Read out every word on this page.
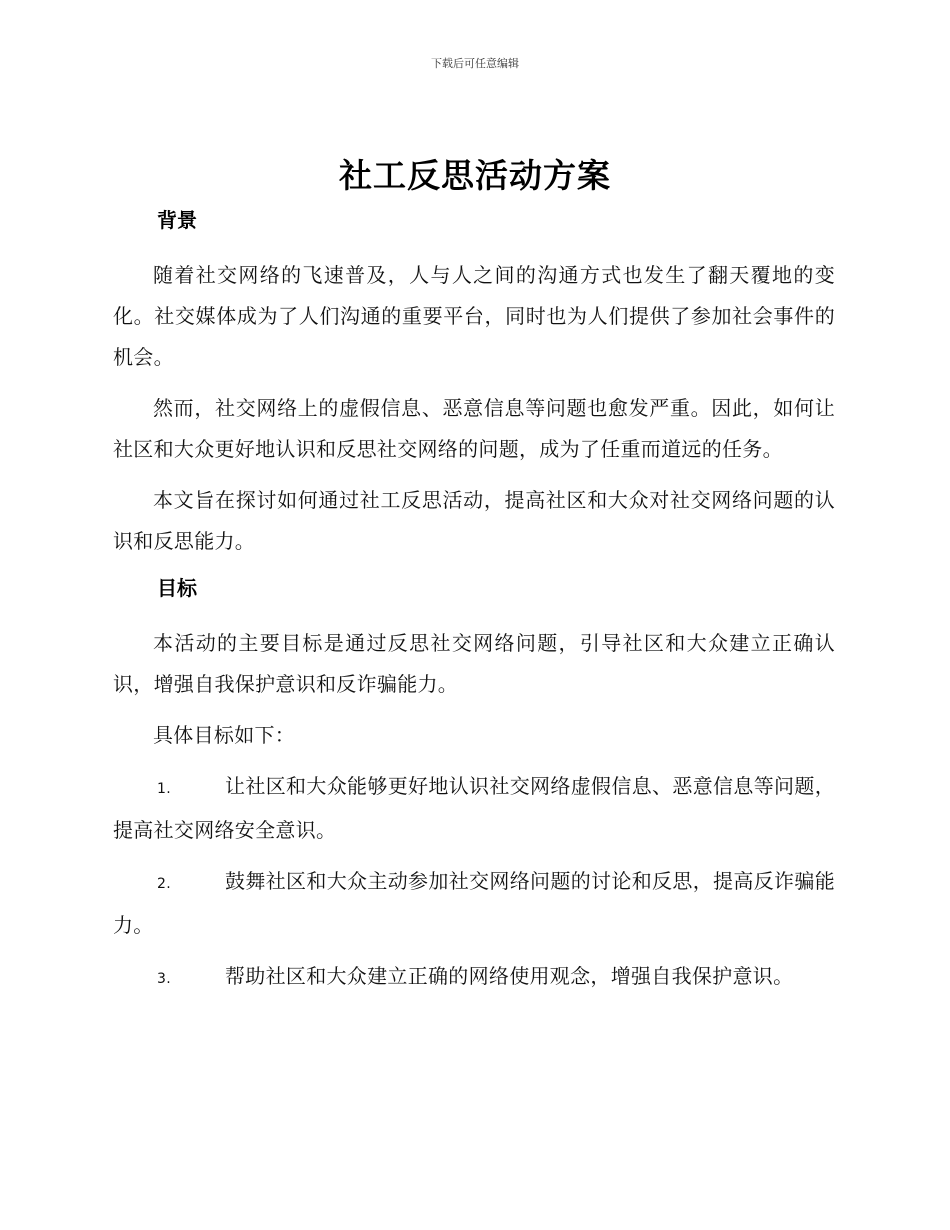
下载后可任意编辑
社工反思活动方案
背景

随着社交网络的飞速普及，人与人之间的沟通方式也发生了翻天覆地的变化。社交媒体成为了人们沟通的重要平台，同时也为人们提供了参加社会事件的机会。

然而，社交网络上的虚假信息、恶意信息等问题也愈发严重。因此，如何让社区和大众更好地认识和反思社交网络的问题，成为了任重而道远的任务。

本文旨在探讨如何通过社工反思活动，提高社区和大众对社交网络问题的认识和反思能力。

目标

本活动的主要目标是通过反思社交网络问题，引导社区和大众建立正确认识，增强自我保护意识和反诈骗能力。

具体目标如下：

1.	让社区和大众能够更好地认识社交网络虚假信息、恶意信息等问题，提高社交网络安全意识。

2.	鼓舞社区和大众主动参加社交网络问题的讨论和反思，提高反诈骗能力。

3.	帮助社区和大众建立正确的网络使用观念，增强自我保护意识。
